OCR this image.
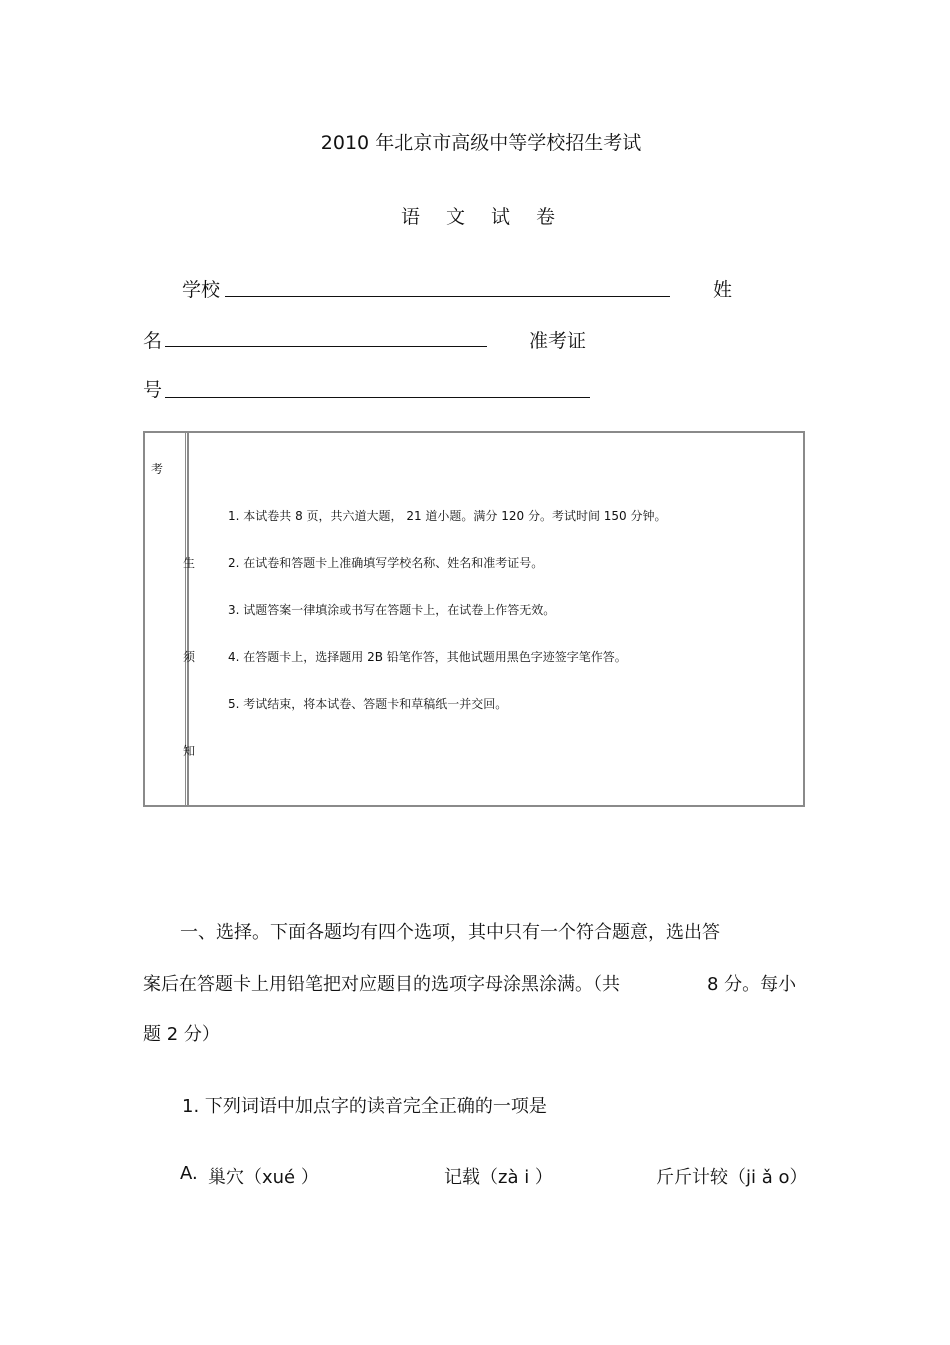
2010 年北京市高级中等学校招生考试
语 文 试 卷
学校	姓
名	准考证
号
考
生
须
知
1. 本试卷共 8 页，共六道大题， 21 道小题。满分 120 分。考试时间 150 分钟。
2. 在试卷和答题卡上准确填写学校名称、姓名和准考证号。
3. 试题答案一律填涂或书写在答题卡上，在试卷上作答无效。
4. 在答题卡上，选择题用 2B 铅笔作答，其他试题用黑色字迹签字笔作答。
5. 考试结束，将本试卷、答题卡和草稿纸一并交回。
一、选择。下面各题均有四个选项，其中只有一个符合题意，选出答
案后在答题卡上用铅笔把对应题目的选项字母涂黑涂满。（共	8 分。每小
题 2 分）
1. 下列词语中加点字的读音完全正确的一项是
A. 巢穴（xué ）	记载（zà i ）	斤斤计较（ji ǎ o）
